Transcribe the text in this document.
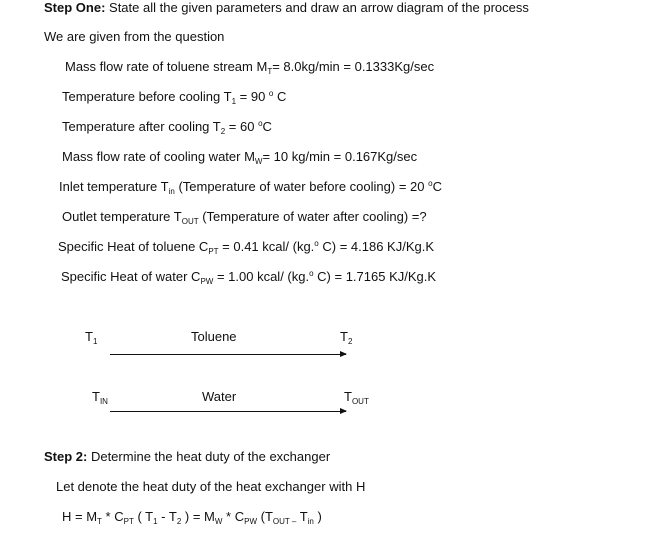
Step One: State all the given parameters and draw an arrow diagram of the process
We are given from the question
Mass flow rate of toluene stream $M_T= 8.0kg/\min = 0.1333Kg/\sec$
Temperature before cooling $T_1 = 90$ $^o$ C
Temperature after cooling $T_2 = 60$ $^o$C
Mass flow rate of cooling water $M_W= 10$ kg/min = 0.167Kg/sec
Inlet temperature $T_{in}$ (Temperature of water before cooling) = 20 $^o$C
Outlet temperature $T_{OUT}$ (Temperature of water after cooling) =?
Specific Heat of toluene $C_{PT} = 0.41$ kcal/ (kg.$^o$ C) = 4.186 KJ/Kg.K
Specific Heat of water $C_{PW} = 1.00$ kcal/ (kg.$^o$ C) = 1.7165 KJ/Kg.K
$T_1$	Toluene	$T_2$
$T_{IN}$	Water	$T_{OUT}$
Step 2: Determine the heat duty of the exchanger
Let denote the heat duty of the heat exchanger with H
$H = M_T * C_{PT}$ ( $T_1 - T_2$ ) = $M_W * C_{PW}$ ($T_{OUT -}$ $T_{in}$ )
